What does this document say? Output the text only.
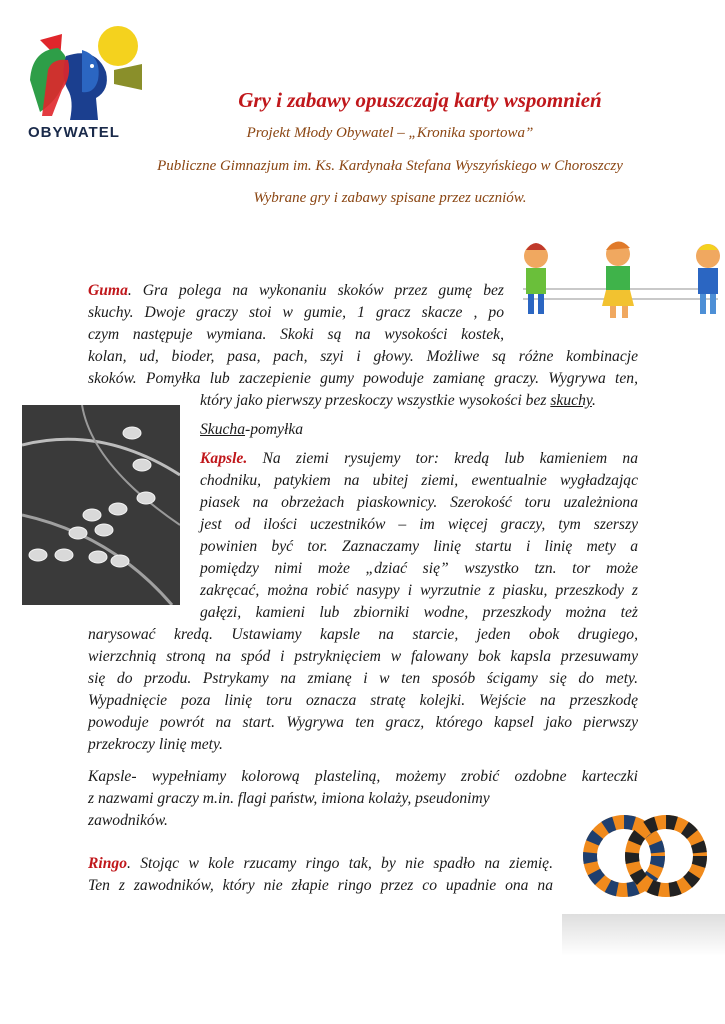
OBYWATEL
Gry i zabawy opuszczają karty wspomnień
Projekt Młody Obywatel – „Kronika sportowa”
Publiczne Gimnazjum im. Ks. Kardynała Stefana Wyszyńskiego w Choroszczy
Wybrane gry i zabawy spisane przez uczniów.
Guma. Gra polega na wykonaniu skoków przez gumę bez
skuchy. Dwoje graczy stoi w gumie, 1 gracz skacze , po
czym następuje wymiana. Skoki są na wysokości kostek,
kolan, ud, bioder, pasa, pach, szyi i głowy. Możliwe są różne kombinacje
skoków. Pomyłka lub zaczepienie gumy powoduje zamianę graczy. Wygrywa ten,
który jako pierwszy przeskoczy wszystkie wysokości bez skuchy.
Skucha-pomyłka
Kapsle. Na ziemi rysujemy tor: kredą lub kamieniem na
chodniku, patykiem na ubitej ziemi, ewentualnie wygładzając
piasek na obrzeżach piaskownicy. Szerokość toru uzależniona
jest od ilości uczestników – im więcej graczy, tym szerszy
powinien być tor. Zaznaczamy linię startu i linię mety a
pomiędzy nimi może „dziać się” wszystko tzn. tor może
zakręcać, można robić nasypy i wyrzutnie z piasku, przeszkody z
gałęzi, kamieni lub zbiorniki wodne, przeszkody można też
narysować kredą. Ustawiamy kapsle na starcie, jeden obok drugiego,
wierzchnią stroną na spód i pstryknięciem w falowany bok kapsla przesuwamy
się do przodu. Pstrykamy na zmianę i w ten sposób ścigamy się do mety.
Wypadnięcie poza linię toru oznacza stratę kolejki. Wejście na przeszkodę
powoduje powrót na start. Wygrywa ten gracz, którego kapsel jako pierwszy
przekroczy linię mety.
Kapsle- wypełniamy kolorową plasteliną, możemy zrobić ozdobne karteczki
z nazwami graczy m.in. flagi państw, imiona kolaży, pseudonimy
zawodników.
Ringo. Stojąc w kole rzucamy ringo tak, by nie spadło na ziemię.
Ten z zawodników, który nie złapie ringo przez co upadnie ona na
